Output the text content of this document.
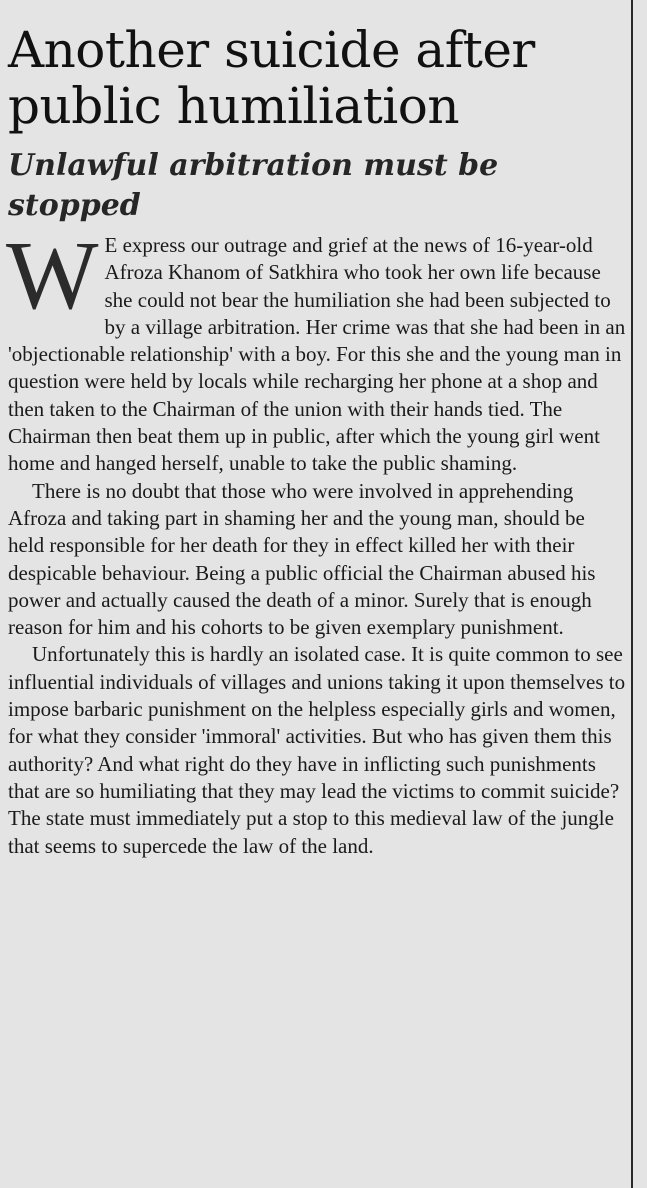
Another suicide after public humiliation
Unlawful arbitration must be stopped

W E express our outrage and grief at the news of 16-year-old Afroza Khanom of Satkhira who took her own life because she could not bear the humiliation she had been subjected to by a village arbitration. Her crime was that she had been in an 'objectionable relationship' with a boy. For this she and the young man in question were held by locals while recharging her phone at a shop and then taken to the Chairman of the union with their hands tied. The Chairman then beat them up in public, after which the young girl went home and hanged herself, unable to take the public shaming.

There is no doubt that those who were involved in apprehending Afroza and taking part in shaming her and the young man, should be held responsible for her death for they in effect killed her with their despicable behaviour. Being a public official the Chairman abused his power and actually caused the death of a minor. Surely that is enough reason for him and his cohorts to be given exemplary punishment.

Unfortunately this is hardly an isolated case. It is quite common to see influential individuals of villages and unions taking it upon themselves to impose barbaric punishment on the helpless especially girls and women, for what they consider 'immoral' activities. But who has given them this authority? And what right do they have in inflicting such punishments that are so humiliating that they may lead the victims to commit suicide? The state must immediately put a stop to this medieval law of the jungle that seems to supercede the law of the land.
